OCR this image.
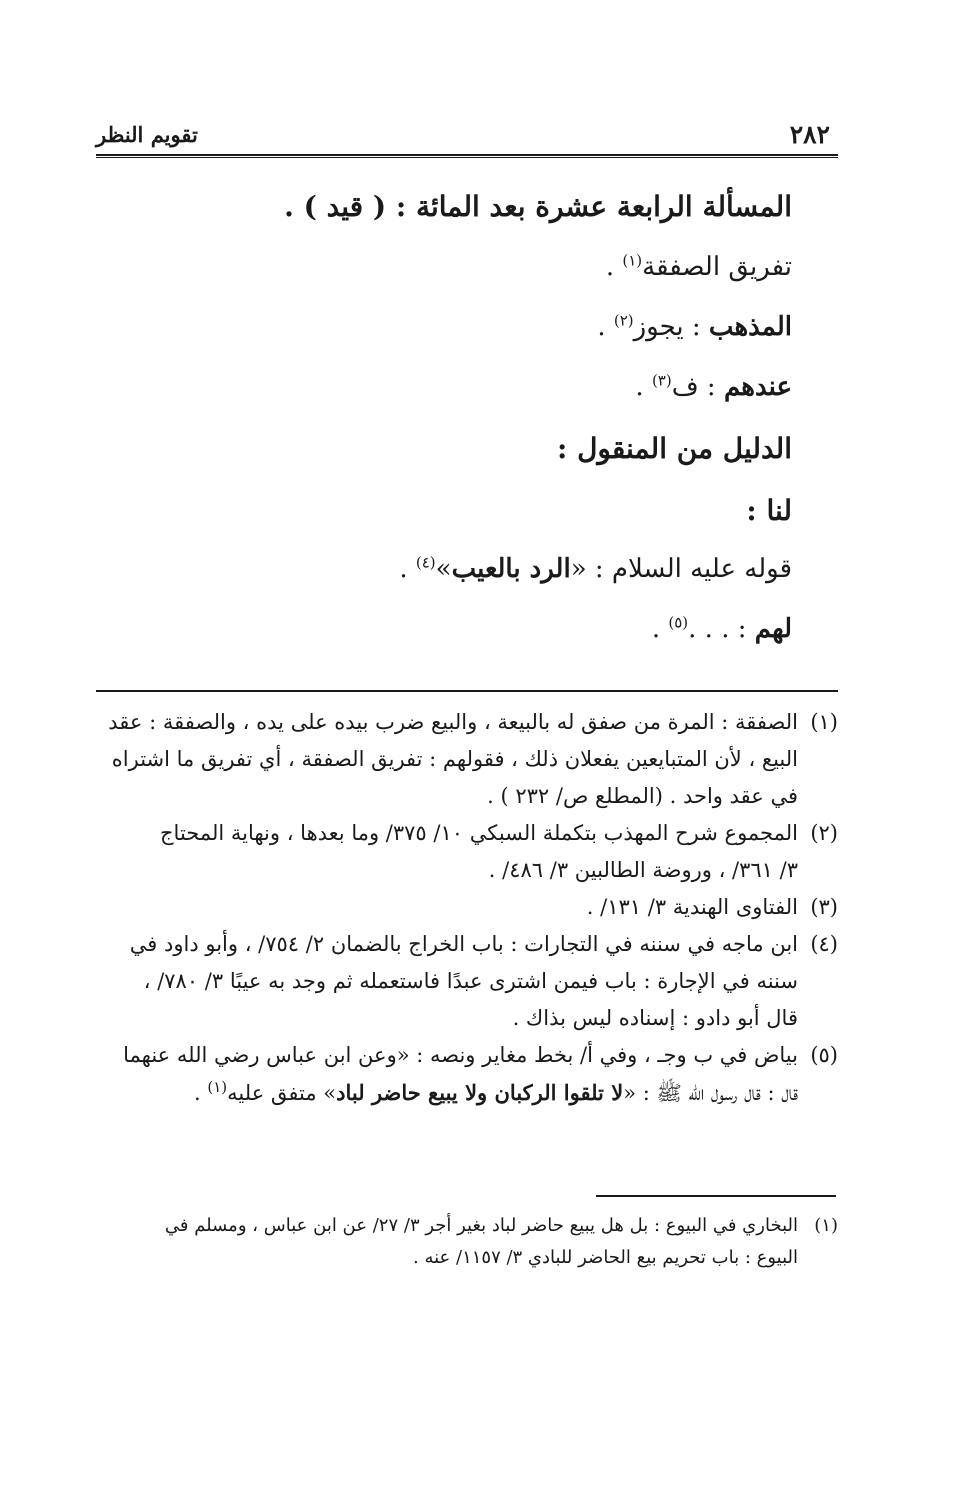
٢٨٢
تقويم النظر
المسألة الرابعة عشرة بعد المائة : ( قيد ) .
تفريق الصفقة$^{(١)}$ .
المذهب : يجوز$^{(٢)}$ .
عندهم : ف$^{(٣)}$ .
الدليل من المنقول :
لنا :
قوله عليه السلام : «الرد بالعيب»$^{(٤)}$ .
لهم : . . .$^{(٥)}$ .
(١)
الصفقة : المرة من صفق له بالبيعة ، والبيع ضرب بيده على يده ، والصفقة : عقد
البيع ، لأن المتبايعين يفعلان ذلك ، فقولهم : تفريق الصفقة ، أي تفريق ما اشتراه
في عقد واحد . (المطلع ص/ ٢٣٢ ) .
(٢)
المجموع شرح المهذب بتكملة السبكي ١٠/ ٣٧٥/ وما بعدها ، ونهاية المحتاج
٣/ ٣٦١/ ، وروضة الطالبين ٣/ ٤٨٦/ .
(٣)
الفتاوى الهندية ٣/ ١٣١/ .
(٤)
ابن ماجه في سننه في التجارات : باب الخراج بالضمان ٢/ ٧٥٤/ ، وأبو داود في
سننه في الإجارة : باب فيمن اشترى عبدًا فاستعمله ثم وجد به عيبًا ٣/ ٧٨٠/ ،
قال أبو دادو : إسناده ليس بذاك .
(٥)
بياض في ب وجـ ، وفي أ/ بخط مغاير ونصه : «وعن ابن عباس رضي الله عنهما
قال : قال رسول الله ﷺ : «لا تلقوا الركبان ولا يبيع حاضر لباد» متفق عليه$^{(١)}$ .
(١)
البخاري في البيوع : بل هل يبيع حاضر لباد بغير أجر ٣/ ٢٧/ عن ابن عباس ، ومسلم في
البيوع : باب تحريم بيع الحاضر للبادي ٣/ ١١٥٧/ عنه .
